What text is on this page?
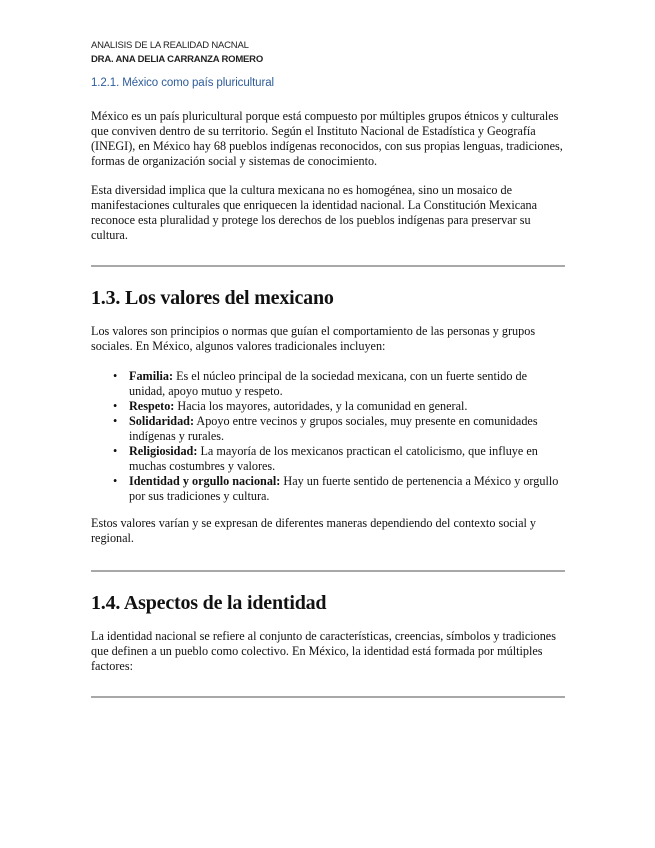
ANALISIS DE LA REALIDAD NACNAL
DRA. ANA DELIA CARRANZA ROMERO
1.2.1. México como país pluricultural

México es un país pluricultural porque está compuesto por múltiples grupos étnicos y culturales que conviven dentro de su territorio. Según el Instituto Nacional de Estadística y Geografía (INEGI), en México hay 68 pueblos indígenas reconocidos, con sus propias lenguas, tradiciones, formas de organización social y sistemas de conocimiento.

Esta diversidad implica que la cultura mexicana no es homogénea, sino un mosaico de manifestaciones culturales que enriquecen la identidad nacional. La Constitución Mexicana reconoce esta pluralidad y protege los derechos de los pueblos indígenas para preservar su cultura.

1.3. Los valores del mexicano

Los valores son principios o normas que guían el comportamiento de las personas y grupos sociales. En México, algunos valores tradicionales incluyen:

• Familia: Es el núcleo principal de la sociedad mexicana, con un fuerte sentido de unidad, apoyo mutuo y respeto.
• Respeto: Hacia los mayores, autoridades, y la comunidad en general.
• Solidaridad: Apoyo entre vecinos y grupos sociales, muy presente en comunidades indígenas y rurales.
• Religiosidad: La mayoría de los mexicanos practican el catolicismo, que influye en muchas costumbres y valores.
• Identidad y orgullo nacional: Hay un fuerte sentido de pertenencia a México y orgullo por sus tradiciones y cultura.

Estos valores varían y se expresan de diferentes maneras dependiendo del contexto social y regional.

1.4. Aspectos de la identidad

La identidad nacional se refiere al conjunto de características, creencias, símbolos y tradiciones que definen a un pueblo como colectivo. En México, la identidad está formada por múltiples factores:
